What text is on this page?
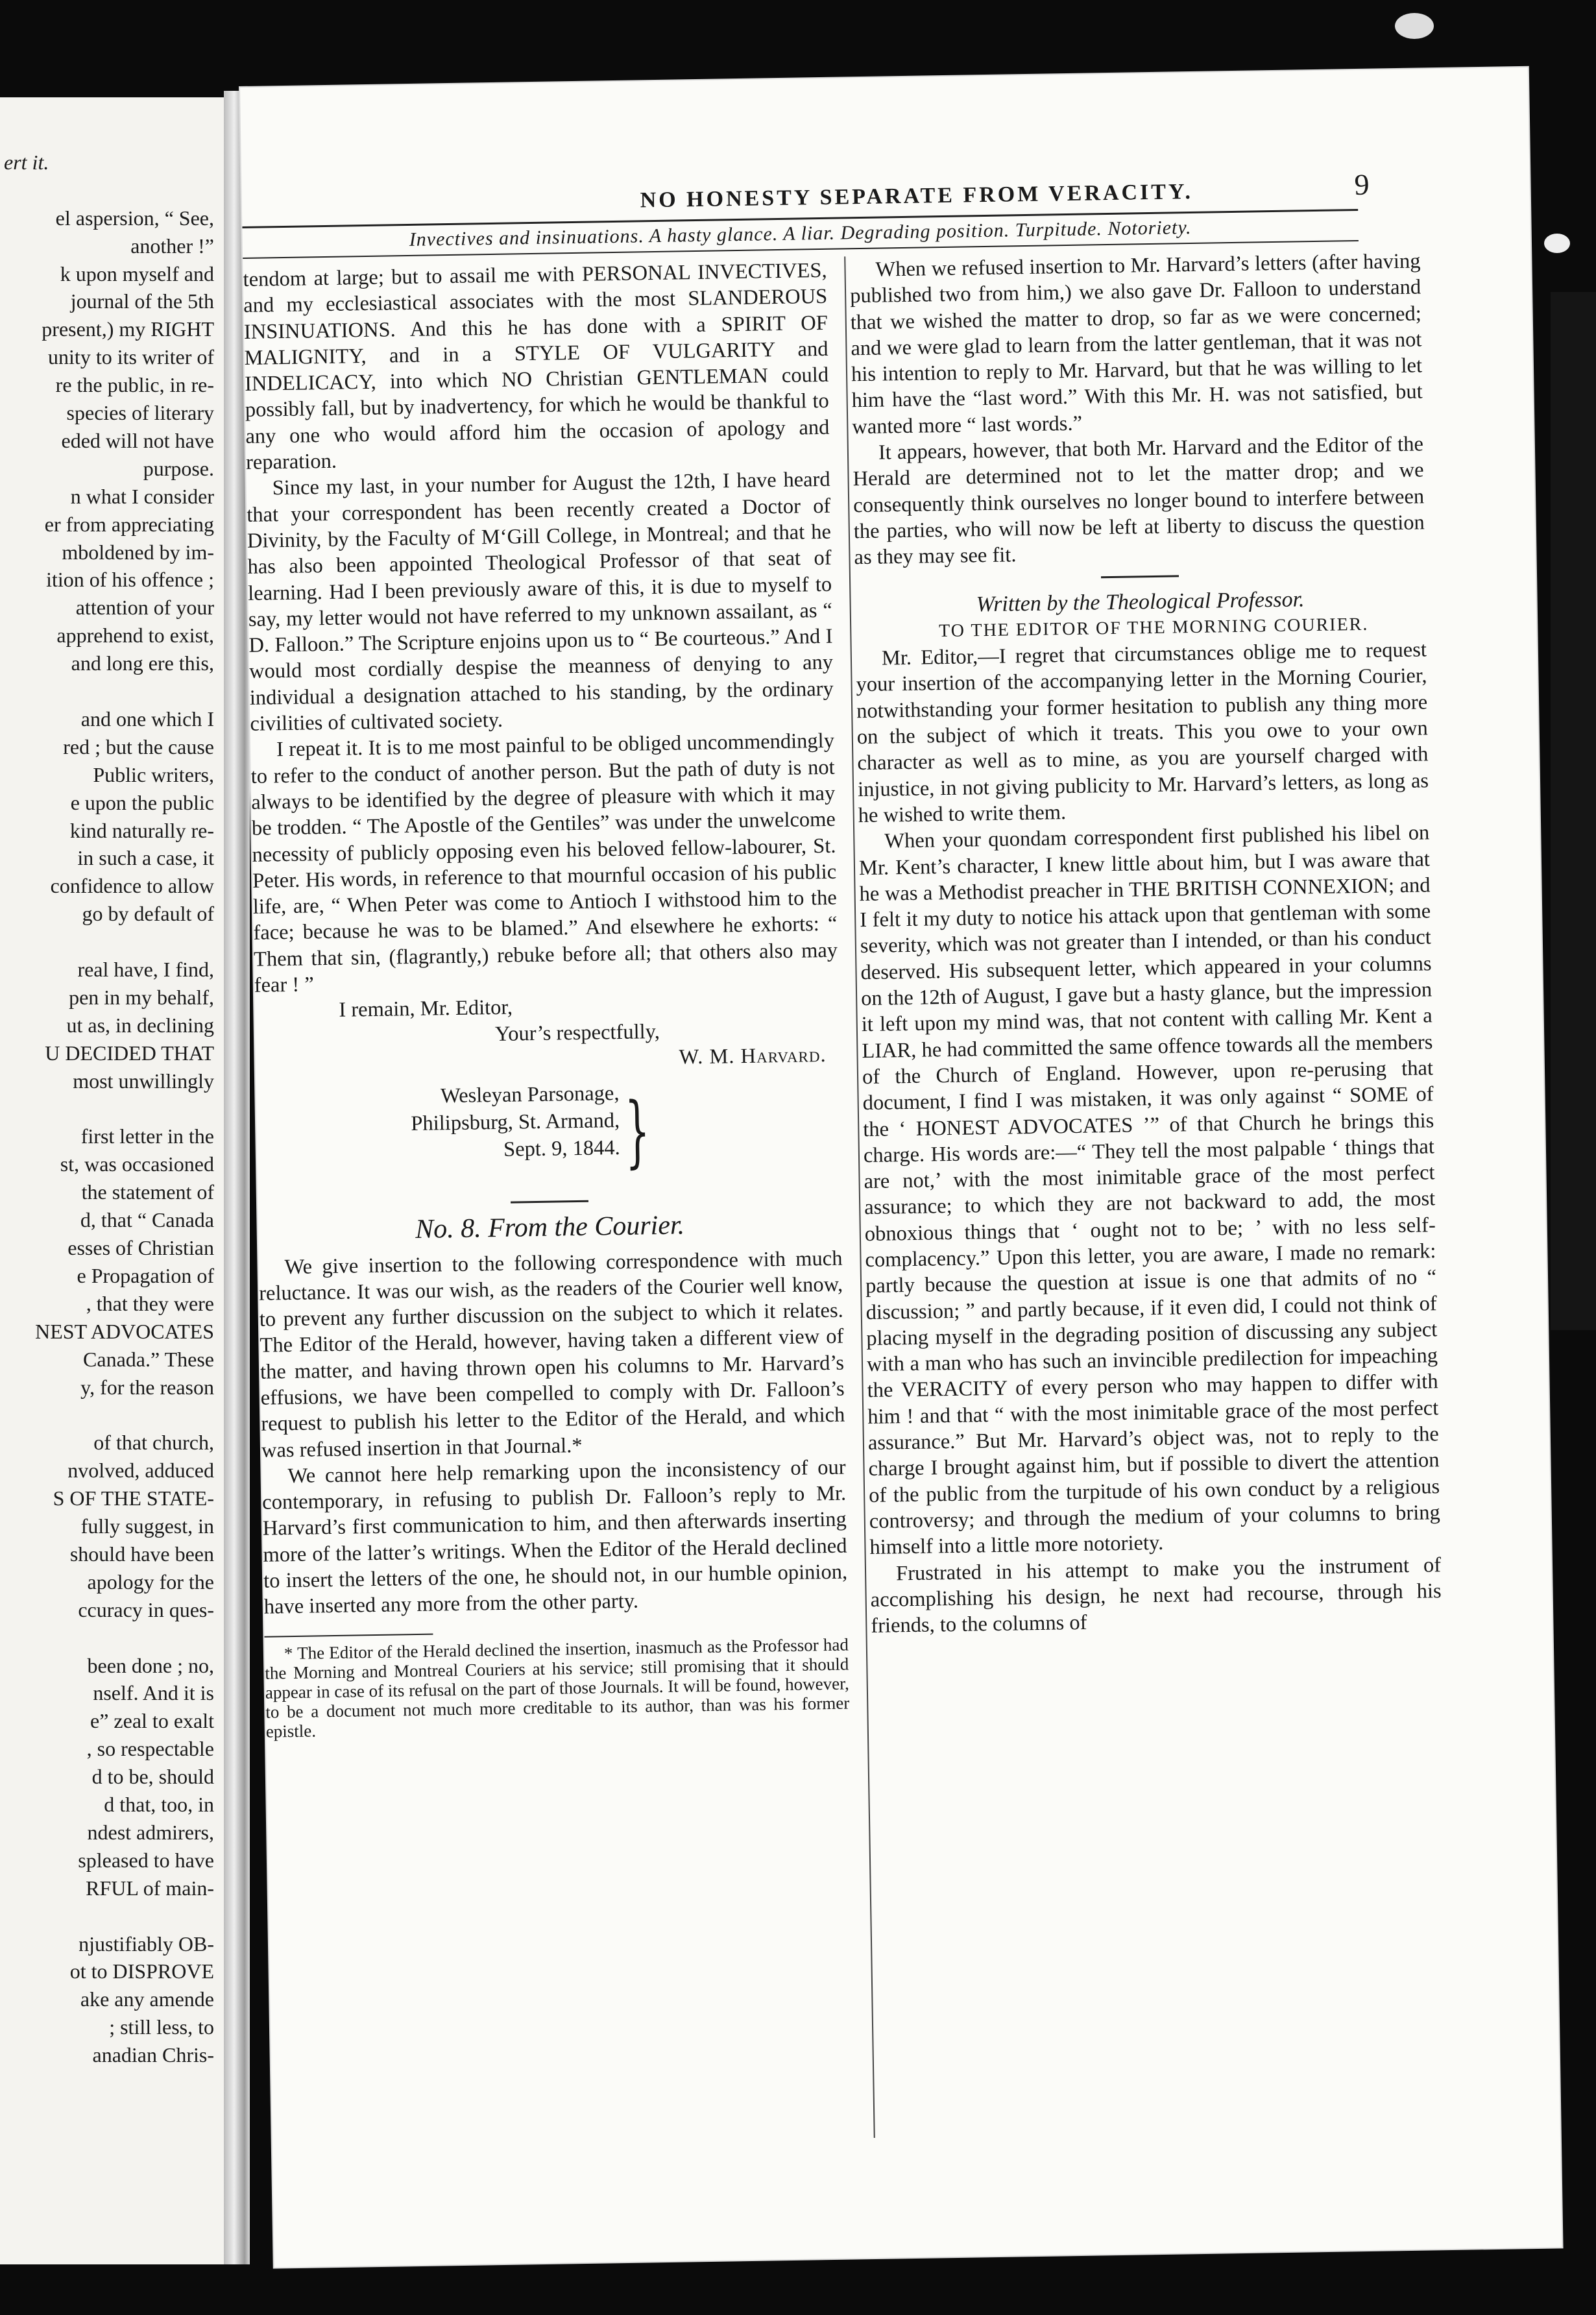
ert it.
el aspersion, “ See,
another !”
k upon myself and
journal of the 5th
present,) my RIGHT
unity to its writer of
re the public, in re-
species of literary
eded will not have
purpose.
n what I consider
er from appreciating
mboldened by im-
ition of his offence ;
attention of your
apprehend to exist,
and long ere this,
and one which I
red ; but the cause
Public writers,
e upon the public
kind naturally re-
in such a case, it
confidence to allow
go by default of
real have, I find,
pen in my behalf,
ut as, in declining
U DECIDED THAT
most unwillingly
first letter in the
st, was occasioned
the statement of
d, that “ Canada
esses of Christian
e Propagation of
, that they were
NEST ADVOCATES
Canada.” These
y, for the reason
of that church,
nvolved, adduced
S OF THE STATE-
fully suggest, in
should have been
apology for the
ccuracy in ques-
been done ; no,
nself. And it is
e” zeal to exalt
, so respectable
d to be, should
d that, too, in
ndest admirers,
spleased to have
RFUL of main-
njustifiably OB-
ot to DISPROVE
ake any amende
; still less, to
anadian Chris-
NO HONESTY SEPARATE FROM VERACITY.	9
Invectives and insinuations. A hasty glance. A liar. Degrading position. Turpitude. Notoriety.

tendom at large; but to assail me with PERSONAL INVECTIVES, and my ecclesiastical associates with the most SLANDEROUS INSINUATIONS. And this he has done with a SPIRIT OF MALIGNITY, and in a STYLE OF VULGARITY and INDELICACY, into which NO Christian GENTLEMAN could possibly fall, but by inadvertency, for which he would be thankful to any one who would afford him the occasion of apology and reparation.

Since my last, in your number for August the 12th, I have heard that your correspondent has been recently created a Doctor of Divinity, by the Faculty of M‘Gill College, in Montreal; and that he has also been appointed Theological Professor of that seat of learning. Had I been previously aware of this, it is due to myself to say, my letter would not have referred to my unknown assailant, as “ D. Falloon.” The Scripture enjoins upon us to “ Be courteous.” And I would most cordially despise the meanness of denying to any individual a designation attached to his standing, by the ordinary civilities of cultivated society.

I repeat it. It is to me most painful to be obliged uncommendingly to refer to the conduct of another person. But the path of duty is not always to be identified by the degree of pleasure with which it may be trodden. “ The Apostle of the Gentiles” was under the unwelcome necessity of publicly opposing even his beloved fellow-labourer, St. Peter. His words, in reference to that mournful occasion of his public life, are, “ When Peter was come to Antioch I withstood him to the face; because he was to be blamed.” And elsewhere he exhorts: “ Them that sin, (flagrantly,) rebuke before all; that others also may fear ! ”

I remain, Mr. Editor,

Your’s respectfully,

W. M. Harvard.

Wesleyan Parsonage,
Philipsburg, St. Armand,
Sept. 9, 1844. }
No. 8. From the Courier.

We give insertion to the following correspondence with much reluctance. It was our wish, as the readers of the Courier well know, to prevent any further discussion on the subject to which it relates. The Editor of the Herald, however, having taken a different view of the matter, and having thrown open his columns to Mr. Harvard’s effusions, we have been compelled to comply with Dr. Falloon’s request to publish his letter to the Editor of the Herald, and which was refused insertion in that Journal.*

We cannot here help remarking upon the inconsistency of our contemporary, in refusing to publish Dr. Falloon’s reply to Mr. Harvard’s first communication to him, and then afterwards inserting more of the latter’s writings. When the Editor of the Herald declined to insert the letters of the one, he should not, in our humble opinion, have inserted any more from the other party.

* The Editor of the Herald declined the insertion, inasmuch as the Professor had the Morning and Montreal Couriers at his service; still promising that it should appear in case of its refusal on the part of those Journals. It will be found, however, to be a document not much more creditable to its author, than was his former epistle.

When we refused insertion to Mr. Harvard’s letters (after having published two from him,) we also gave Dr. Falloon to understand that we wished the matter to drop, so far as we were concerned; and we were glad to learn from the latter gentleman, that it was not his intention to reply to Mr. Harvard, but that he was willing to let him have the “last word.” With this Mr. H. was not satisfied, but wanted more “ last words.”

It appears, however, that both Mr. Harvard and the Editor of the Herald are determined not to let the matter drop; and we consequently think ourselves no longer bound to interfere between the parties, who will now be left at liberty to discuss the question as they may see fit.

Written by the Theological Professor.

TO THE EDITOR OF THE MORNING COURIER.

Mr. Editor,—I regret that circumstances oblige me to request your insertion of the accompanying letter in the Morning Courier, notwithstanding your former hesitation to publish any thing more on the subject of which it treats. This you owe to your own character as well as to mine, as you are yourself charged with injustice, in not giving publicity to Mr. Harvard’s letters, as long as he wished to write them.

When your quondam correspondent first published his libel on Mr. Kent’s character, I knew little about him, but I was aware that he was a Methodist preacher in THE BRITISH CONNEXION; and I felt it my duty to notice his attack upon that gentleman with some severity, which was not greater than I intended, or than his conduct deserved. His subsequent letter, which appeared in your columns on the 12th of August, I gave but a hasty glance, but the impression it left upon my mind was, that not content with calling Mr. Kent a LIAR, he had committed the same offence towards all the members of the Church of England. However, upon re-perusing that document, I find I was mistaken, it was only against “ SOME of the ‘ HONEST ADVOCATES ’” of that Church he brings this charge. His words are:—“ They tell the most palpable ‘ things that are not,’ with the most inimitable grace of the most perfect assurance; to which they are not backward to add, the most obnoxious things that ‘ ought not to be; ’ with no less self-complacency.” Upon this letter, you are aware, I made no remark: partly because the question at issue is one that admits of no “ discussion; ” and partly because, if it even did, I could not think of placing myself in the degrading position of discussing any subject with a man who has such an invincible predilection for impeaching the VERACITY of every person who may happen to differ with him ! and that “ with the most inimitable grace of the most perfect assurance.” But Mr. Harvard’s object was, not to reply to the charge I brought against him, but if possible to divert the attention of the public from the turpitude of his own conduct by a religious controversy; and through the medium of your columns to bring himself into a little more notoriety.

Frustrated in his attempt to make you the instrument of accomplishing his design, he next had recourse, through his friends, to the columns of
